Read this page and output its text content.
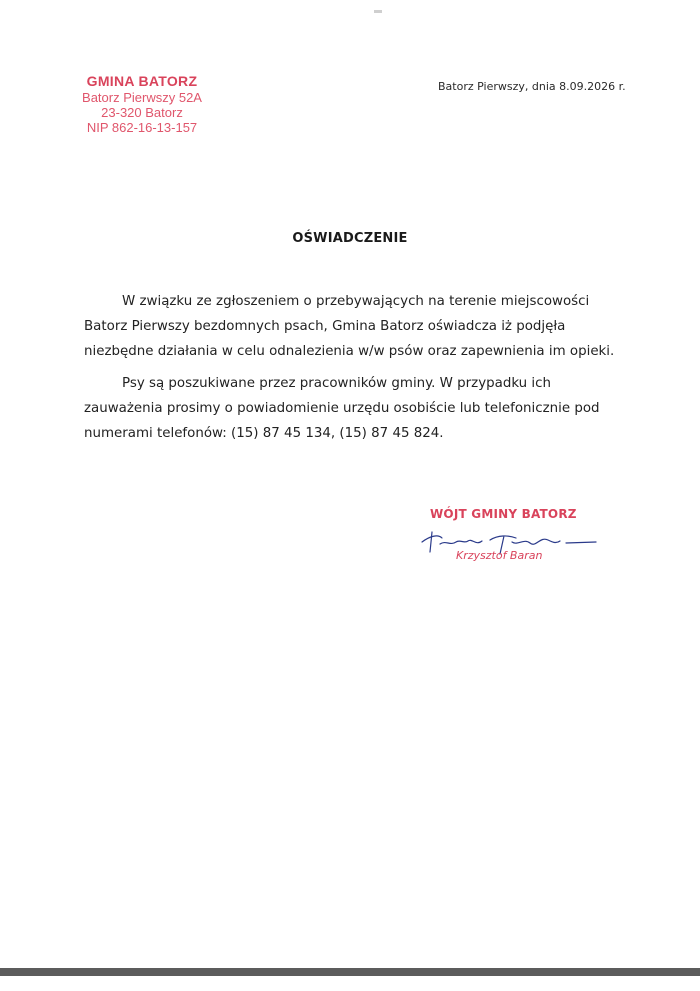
GMINA BATORZ
Batorz Pierwszy 52A
23-320 Batorz
NIP 862-16-13-157
Batorz Pierwszy, dnia 8.09.2026 r.
OŚWIADCZENIE

W związku ze zgłoszeniem o przebywających na terenie miejscowości
Batorz Pierwszy bezdomnych psach, Gmina Batorz oświadcza iż podjęła
niezbędne działania w celu odnalezienia w/w psów oraz zapewnienia im opieki.

Psy są poszukiwane przez pracowników gminy. W przypadku ich
zauważenia prosimy o powiadomienie urzędu osobiście lub telefonicznie pod
numerami telefonów: (15) 87 45 134, (15) 87 45 824.

WÓJT GMINY BATORZ
Krzysztof Baran
